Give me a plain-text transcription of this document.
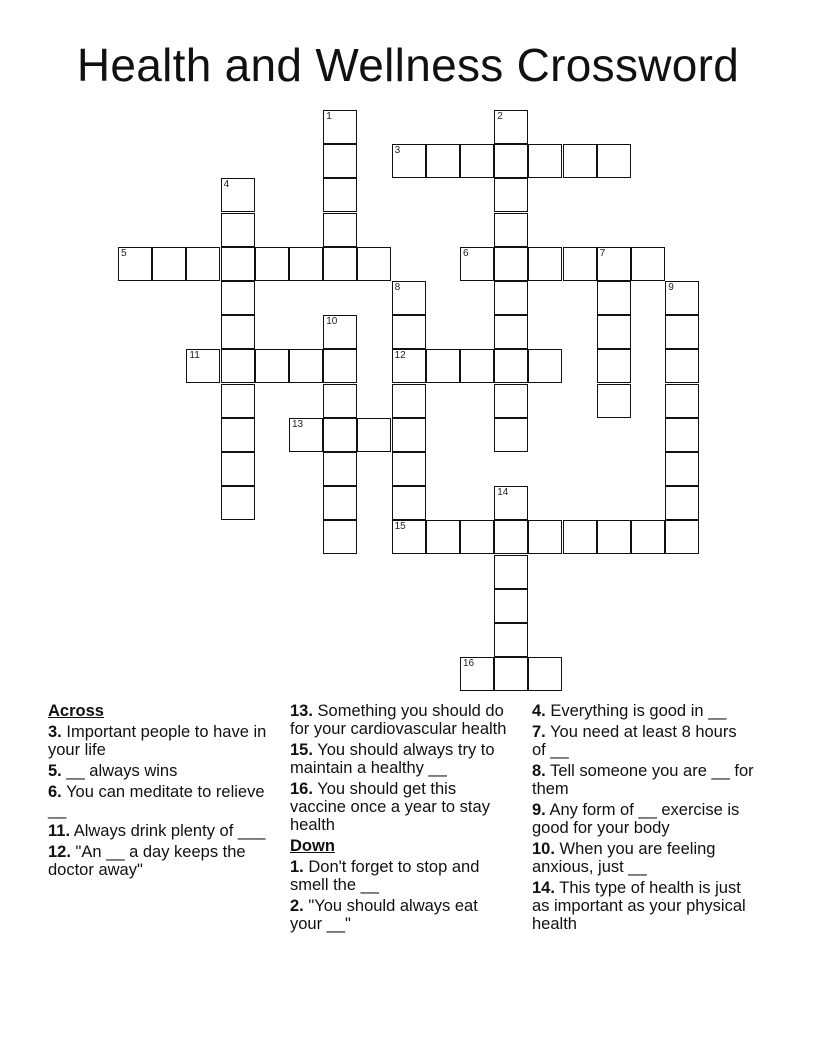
Health and Wellness Crossword
1	2
3
4
5	6	7
8
12
15
9
10
11
13
14
16
Across
3. Important people to have in your life
5. __ always wins
6. You can meditate to relieve __
11. Always drink plenty of ___
12. "An __ a day keeps the doctor away"
13. Something you should do for your cardiovascular health
15. You should always try to maintain a healthy __
16. You should get this vaccine once a year to stay health
Down
1. Don't forget to stop and smell the __
2. "You should always eat your __"
4. Everything is good in __
7. You need at least 8 hours of __
8. Tell someone you are __ for them
9. Any form of __ exercise is good for your body
10. When you are feeling anxious, just __
14. This type of health is just as important as your physical health
